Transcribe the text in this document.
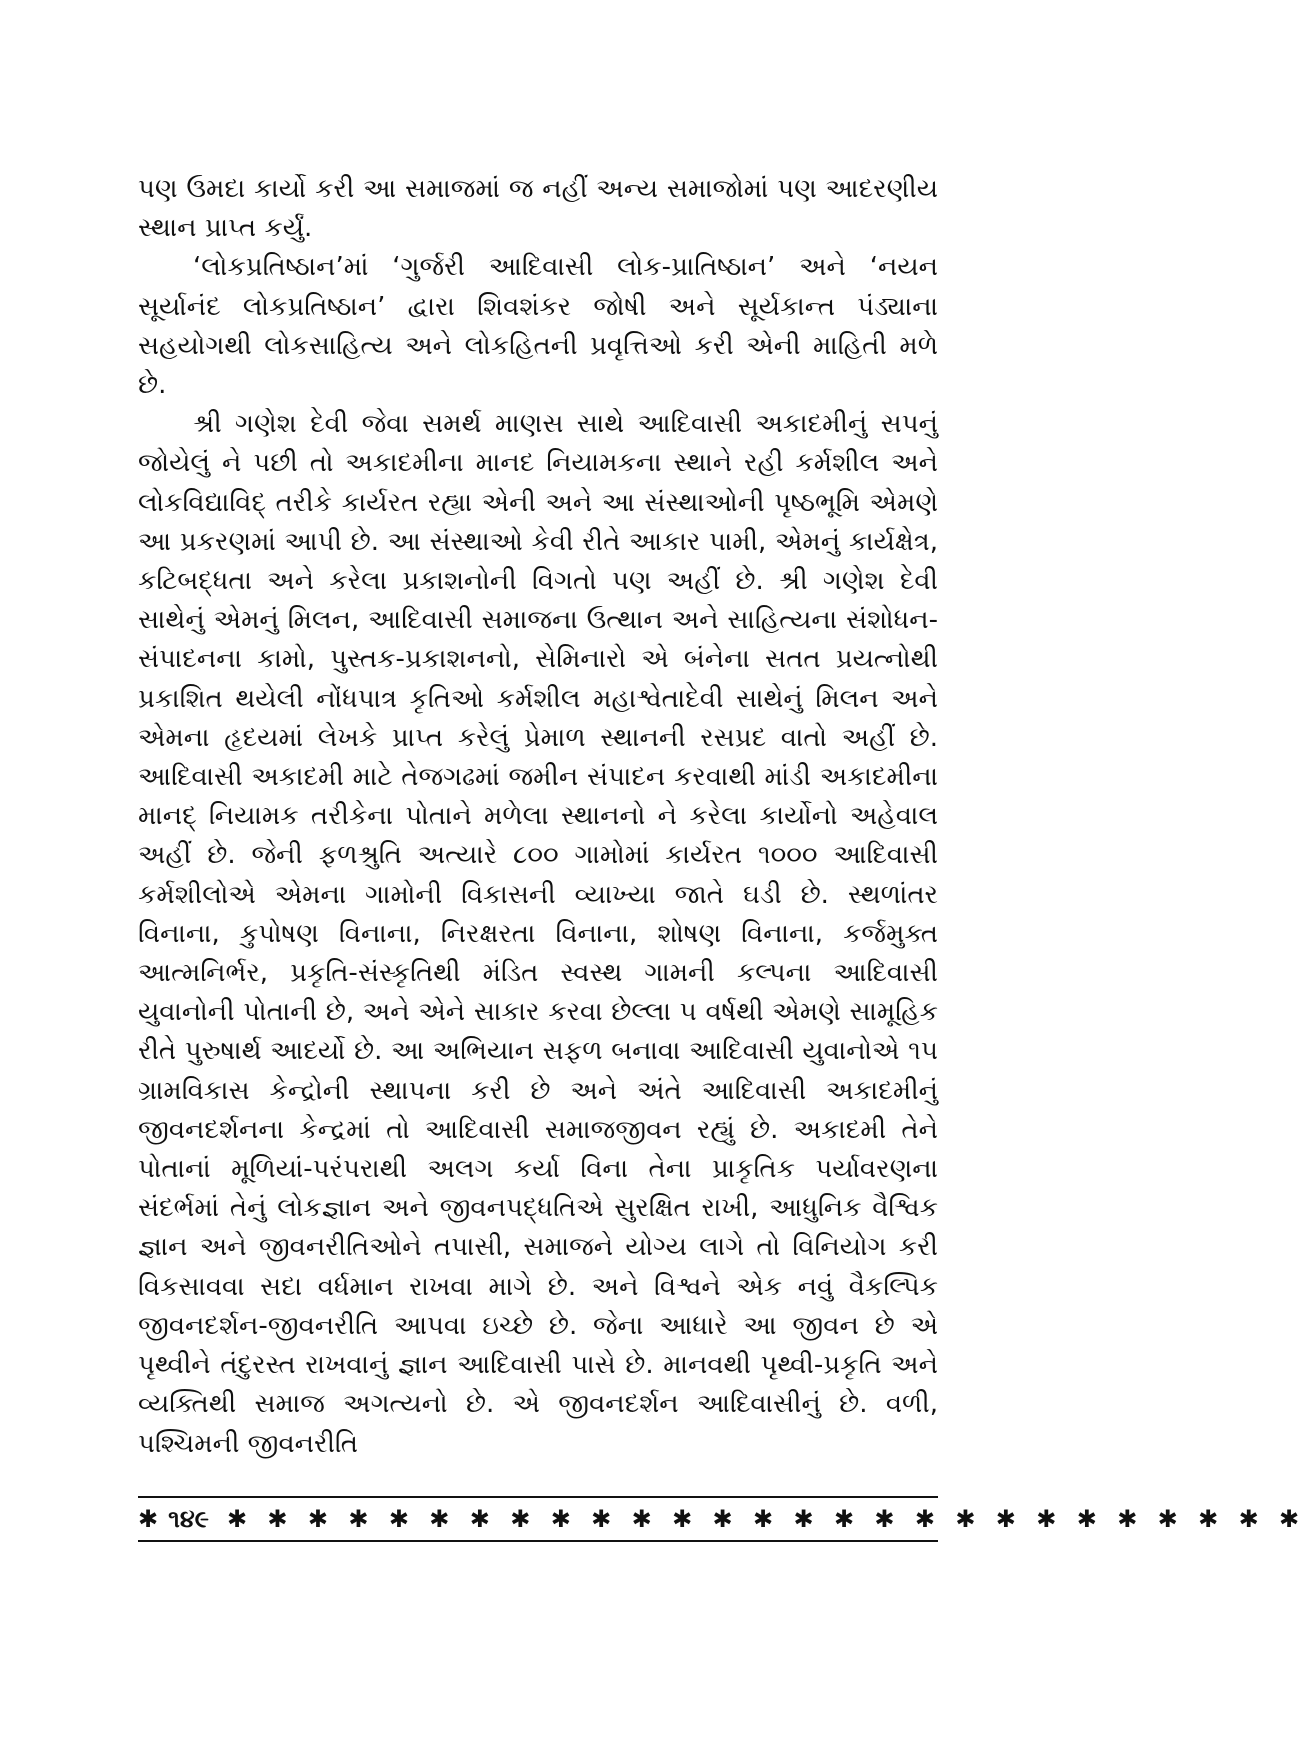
પણ ઉમદા કાર્યો કરી આ સમાજમાં જ નહીં અન્ય સમાજોમાં પણ આદરણીય સ્થાન પ્રાપ્ત કર્યું.

‘લોકપ્રતિષ્ઠાન’માં ‘ગુર્જરી આદિવાસી લોક-પ્રાતિષ્ઠાન’ અને ‘નયન સૂર્યાનંદ લોકપ્રતિષ્ઠાન’ દ્વારા શિવશંકર જોષી અને સૂર્યકાન્ત પંડ્યાના સહયોગથી લોકસાહિત્ય અને લોકહિતની પ્રવૃત્તિઓ કરી એની માહિતી મળે છે.

શ્રી ગણેશ દેવી જેવા સમર્થ માણસ સાથે આદિવાસી અકાદમીનું સપનું જોયેલું ને પછી તો અકાદમીના માનદ નિયામકના સ્થાને રહી કર્મશીલ અને લોકવિદ્યાવિદ્ તરીકે કાર્યરત રહ્યા એની અને આ સંસ્થાઓની પૃષ્ઠભૂમિ એમણે આ પ્રકરણમાં આપી છે. આ સંસ્થાઓ કેવી રીતે આકાર પામી, એમનું કાર્યક્ષેત્ર, કટિબદ્ધતા અને કરેલા પ્રકાશનોની વિગતો પણ અહીં છે. શ્રી ગણેશ દેવી સાથેનું એમનું મિલન, આદિવાસી સમાજના ઉત્થાન અને સાહિત્યના સંશોધન-સંપાદનના કામો, પુસ્તક-પ્રકાશનનો, સેમિનારો એ બંનેના સતત પ્રયત્નોથી પ્રકાશિત થયેલી નોંધપાત્ર કૃતિઓ કર્મશીલ મહાશ્વેતાદેવી સાથેનું મિલન અને એમના હૃદયમાં લેખકે પ્રાપ્ત કરેલું પ્રેમાળ સ્થાનની રસપ્રદ વાતો અહીં છે. આદિવાસી અકાદમી માટે તેજગઢમાં જમીન સંપાદન કરવાથી માંડી અકાદમીના માનદ્ નિયામક તરીકેના પોતાને મળેલા સ્થાનનો ને કરેલા કાર્યોનો અહેવાલ અહીં છે. જેની ફળશ્રુતિ અત્યારે ૮૦૦ ગામોમાં કાર્યરત ૧૦૦૦ આદિવાસી કર્મશીલોએ એમના ગામોની વિકાસની વ્યાખ્યા જાતે ઘડી છે. સ્થળાંતર વિનાના, કુપોષણ વિનાના, નિરક્ષરતા વિનાના, શોષણ વિનાના, કર્જમુક્ત આત્મનિર્ભર, પ્રકૃતિ-સંસ્કૃતિથી મંડિત સ્વસ્થ ગામની કલ્પના આદિવાસી યુવાનોની પોતાની છે, અને એને સાકાર કરવા છેલ્લા ૫ વર્ષથી એમણે સામૂહિક રીતે પુરુષાર્થ આદર્યો છે. આ અભિયાન સફળ બનાવા આદિવાસી યુવાનોએ ૧૫ ગ્રામવિકાસ કેન્દ્રોની સ્થાપના કરી છે અને અંતે આદિવાસી અકાદમીનું જીવનદર્શનના કેન્દ્રમાં તો આદિવાસી સમાજજીવન રહ્યું છે. અકાદમી તેને પોતાનાં મૂળિયાં-પરંપરાથી અલગ કર્યા વિના તેના પ્રાકૃતિક પર્યાવરણના સંદર્ભમાં તેનું લોકજ્ઞાન અને જીવનપદ્ધતિએ સુરક્ષિત રાખી, આધુનિક વૈશ્વિક જ્ઞાન અને જીવનરીતિઓને તપાસી, સમાજને યોગ્ય લાગે તો વિનિયોગ કરી વિકસાવવા સદા વર્ધમાન રાખવા માગે છે. અને વિશ્વને એક નવું વૈકલ્પિક જીવનદર્શન-જીવનરીતિ આપવા ઇચ્છે છે. જેના આધારે આ જીવન છે એ પૃથ્વીને તંદુરસ્ત રાખવાનું જ્ઞાન આદિવાસી પાસે છે. માનવથી પૃથ્વી-પ્રકૃતિ અને વ્યક્તિથી સમાજ અગત્યનો છે. એ જીવનદર્શન આદિવાસીનું છે. વળી, પશ્ચિમની જીવનરીતિ

✱ ૧૪૯ ✱ ✱ ✱ ✱ ✱ ✱ ✱ ✱ ✱ ✱ ✱ ✱ ✱ ✱ ✱ ✱ ✱ ✱ ✱ ✱ ✱ ✱ ✱ ✱ ✱ ✱ ✱
